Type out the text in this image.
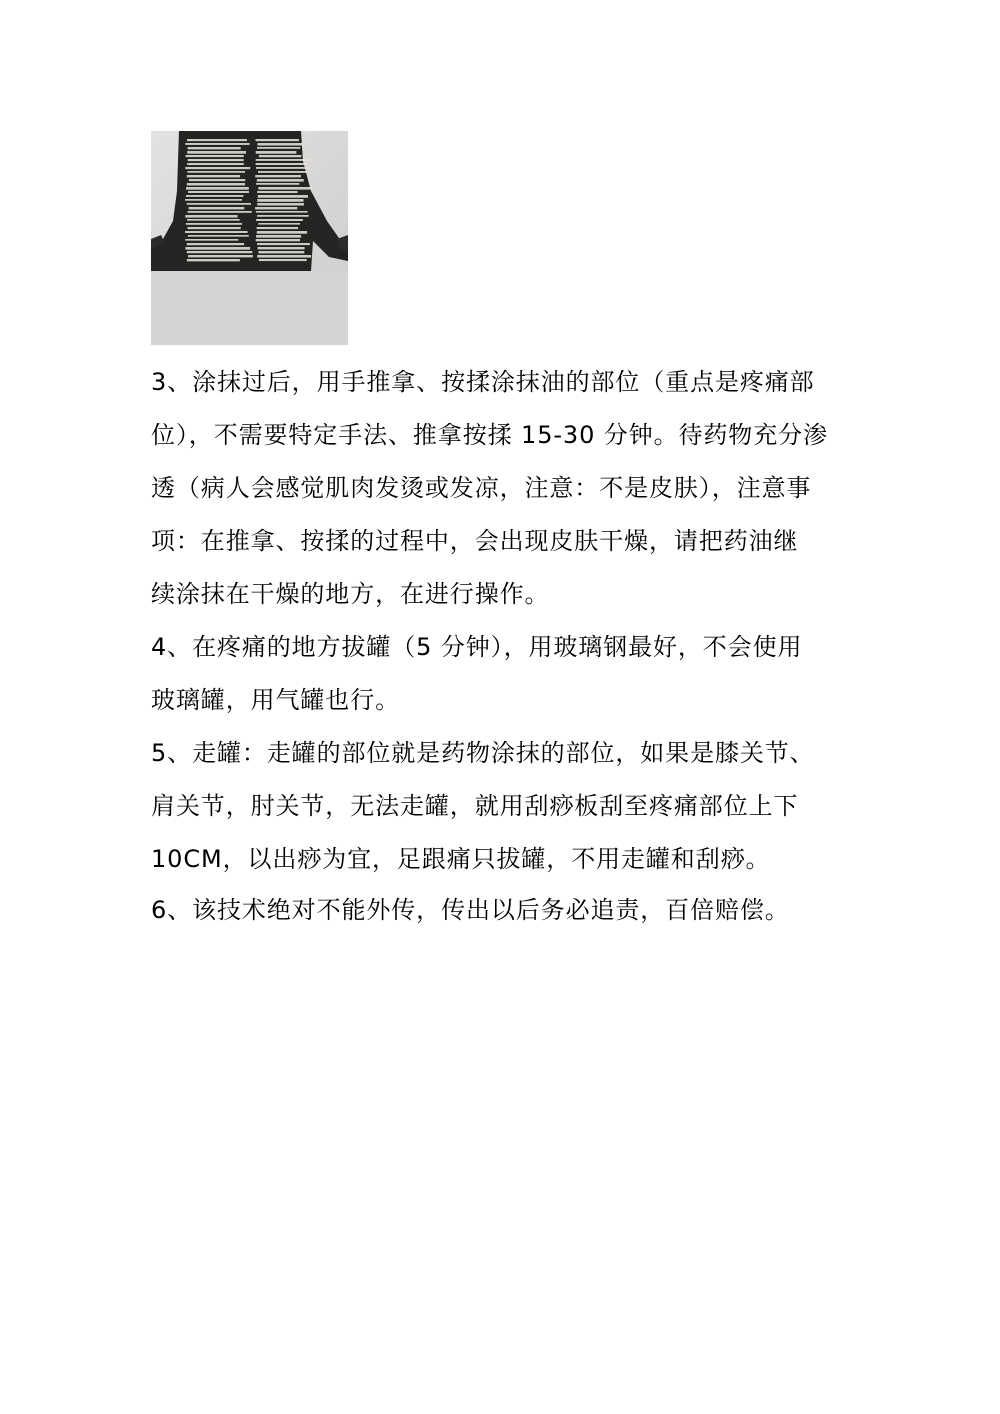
3、涂抹过后，用手推拿、按揉涂抹油的部位（重点是疼痛部
位），不需要特定手法、推拿按揉 15-30 分钟。待药物充分渗
透（病人会感觉肌肉发烫或发凉，注意：不是皮肤），注意事
项：在推拿、按揉的过程中，会出现皮肤干燥，请把药油继
续涂抹在干燥的地方，在进行操作。

4、在疼痛的地方拔罐（5 分钟），用玻璃钢最好，不会使用
玻璃罐，用气罐也行。

5、走罐：走罐的部位就是药物涂抹的部位，如果是膝关节、
肩关节，肘关节，无法走罐，就用刮痧板刮至疼痛部位上下
10CM，以出痧为宜，足跟痛只拔罐，不用走罐和刮痧。

6、该技术绝对不能外传，传出以后务必追责，百倍赔偿。
